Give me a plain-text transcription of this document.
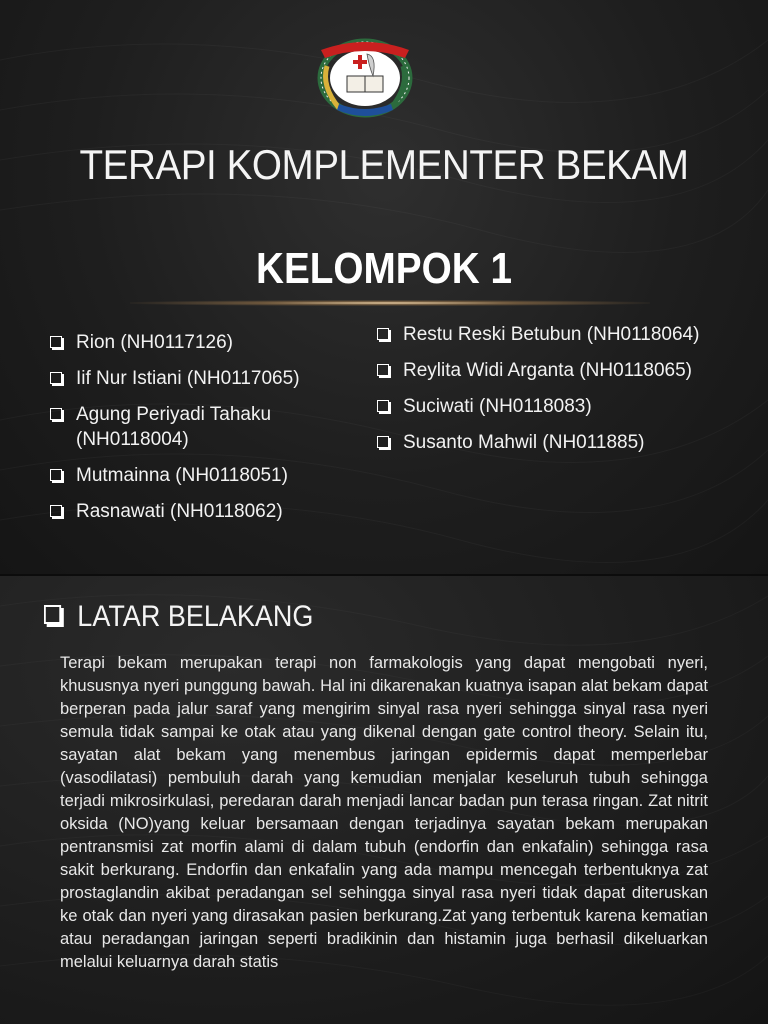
TERAPI KOMPLEMENTER BEKAM
KELOMPOK 1
Rion (NH0117126)
Iif Nur Istiani (NH0117065)
Agung Periyadi Tahaku (NH0118004)
Mutmainna (NH0118051)
Rasnawati (NH0118062)
Restu Reski Betubun (NH0118064)
Reylita Widi Arganta (NH0118065)
Suciwati (NH0118083)
Susanto Mahwil (NH011885)
LATAR BELAKANG

Terapi bekam merupakan terapi non farmakologis yang dapat mengobati nyeri, khususnya nyeri punggung bawah. Hal ini dikarenakan kuatnya isapan alat bekam dapat berperan pada jalur saraf yang mengirim sinyal rasa nyeri sehingga sinyal rasa nyeri semula tidak sampai ke otak atau yang dikenal dengan gate control theory. Selain itu, sayatan alat bekam yang menembus jaringan epidermis dapat memperlebar (vasodilatasi) pembuluh darah yang kemudian menjalar keseluruh tubuh sehingga terjadi mikrosirkulasi, peredaran darah menjadi lancar badan pun terasa ringan. Zat nitrit oksida (NO)yang keluar bersamaan dengan terjadinya sayatan bekam merupakan pentransmisi zat morfin alami di dalam tubuh (endorfin dan enkafalin) sehingga rasa sakit berkurang. Endorfin dan enkafalin yang ada mampu mencegah terbentuknya zat prostaglandin akibat peradangan sel sehingga sinyal rasa nyeri tidak dapat diteruskan ke otak dan nyeri yang dirasakan pasien berkurang.Zat yang terbentuk karena kematian atau peradangan jaringan seperti bradikinin dan histamin juga berhasil dikeluarkan melalui keluarnya darah statis
